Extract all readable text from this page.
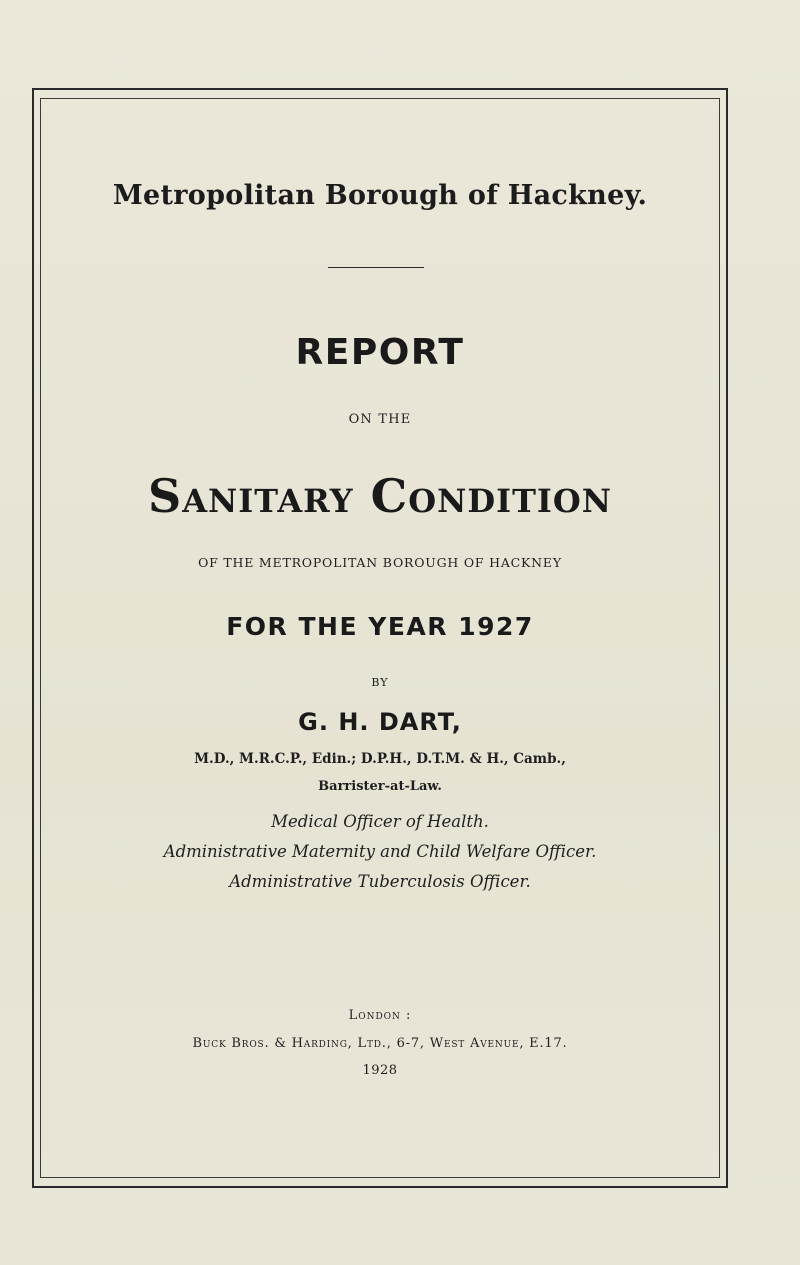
Metropolitan Borough of Hackney.
REPORT
ON THE
Sanitary Condition
OF THE METROPOLITAN BOROUGH OF HACKNEY
FOR THE YEAR 1927
BY
G. H. DART,
M.D., M.R.C.P., Edin.; D.P.H., D.T.M. & H., Camb.,
Barrister-at-Law.
Medical Officer of Health.
Administrative Maternity and Child Welfare Officer.
Administrative Tuberculosis Officer.
London :
Buck Bros. & Harding, Ltd., 6-7, West Avenue, E.17.
1928
